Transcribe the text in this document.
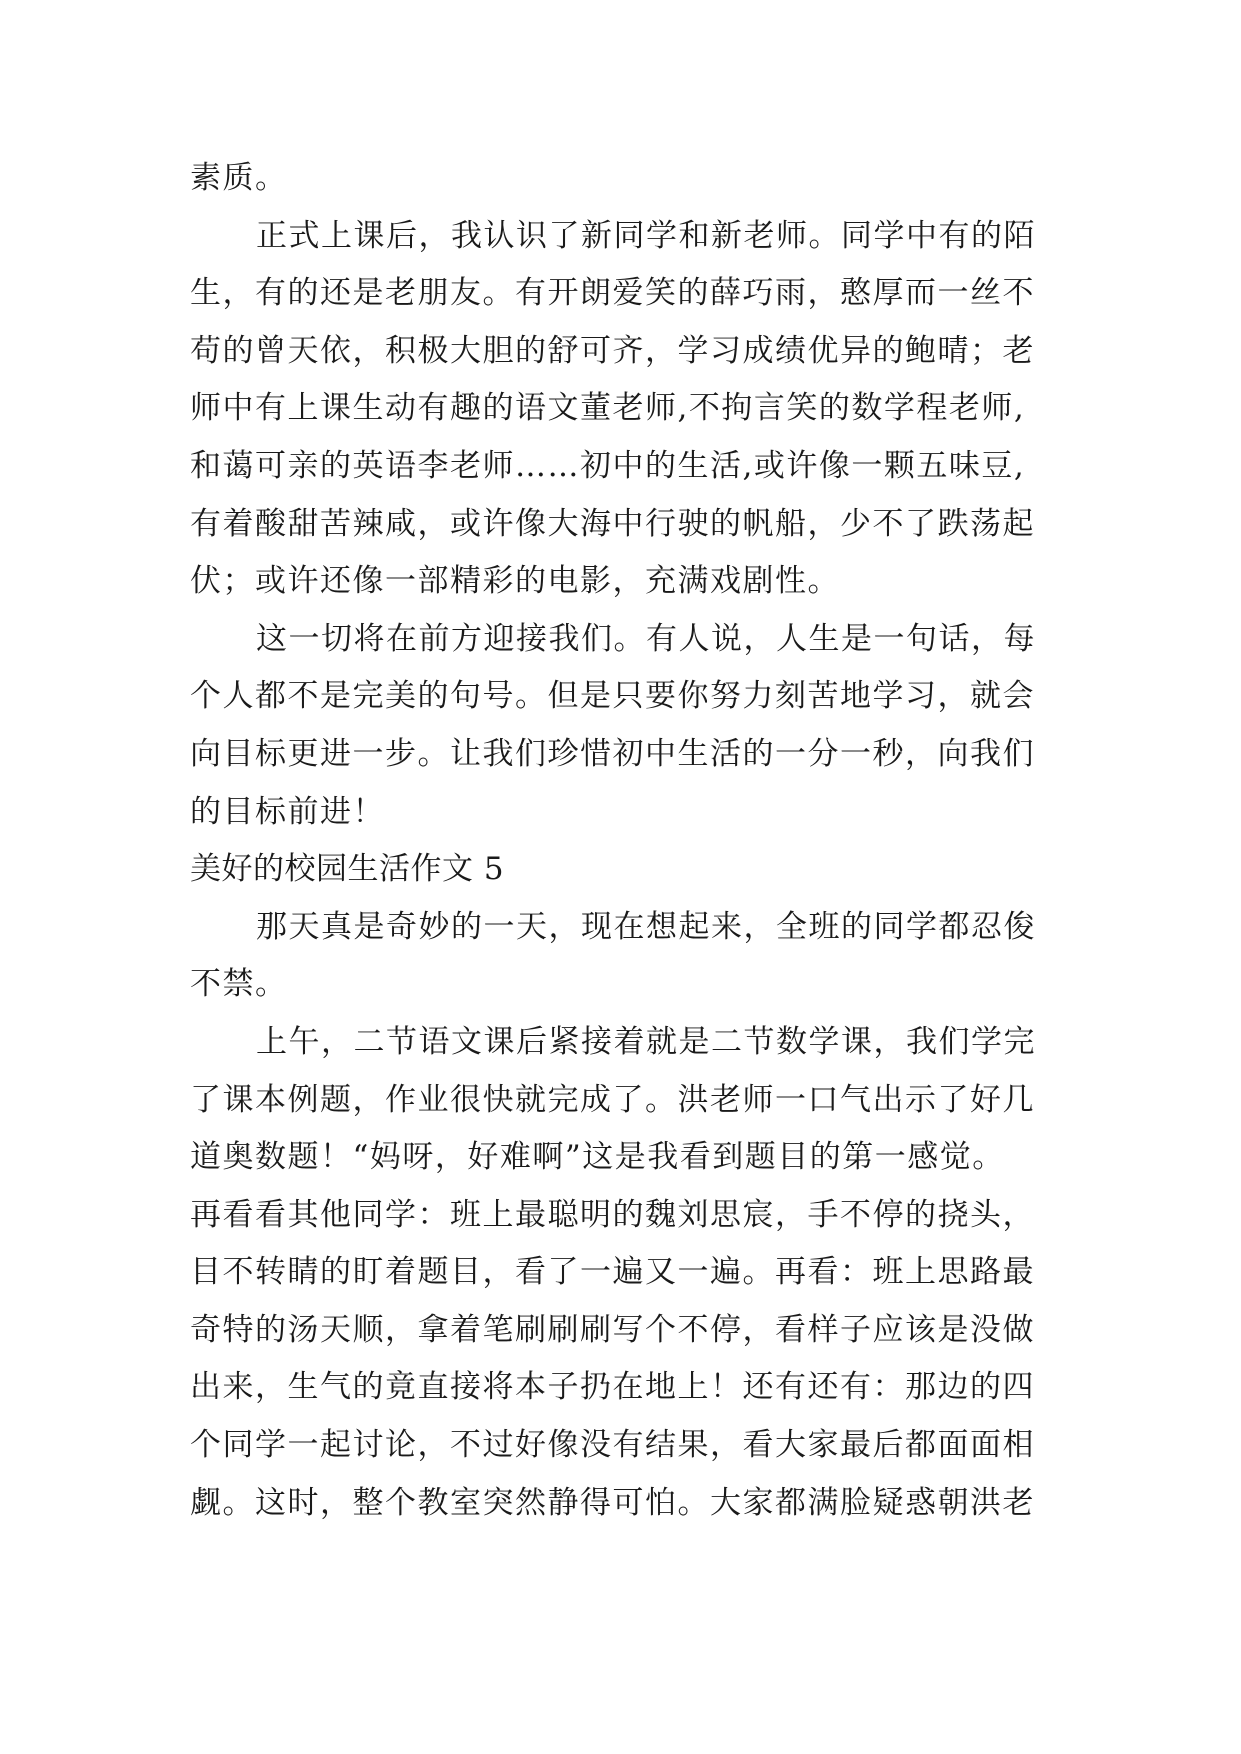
素质。
正式上课后，我认识了新同学和新老师。同学中有的陌
生，有的还是老朋友。有开朗爱笑的薛巧雨，憨厚而一丝不
苟的曾天依，积极大胆的舒可齐，学习成绩优异的鲍晴；老
师中有上课生动有趣的语文董老师,不拘言笑的数学程老师,
和蔼可亲的英语李老师……初中的生活,或许像一颗五味豆,
有着酸甜苦辣咸，或许像大海中行驶的帆船，少不了跌荡起
伏；或许还像一部精彩的电影，充满戏剧性。
这一切将在前方迎接我们。有人说，人生是一句话，每
个人都不是完美的句号。但是只要你努力刻苦地学习，就会
向目标更进一步。让我们珍惜初中生活的一分一秒，向我们
的目标前进！
美好的校园生活作文 5
那天真是奇妙的一天，现在想起来，全班的同学都忍俊
不禁。
上午，二节语文课后紧接着就是二节数学课，我们学完
了课本例题，作业很快就完成了。洪老师一口气出示了好几
道奥数题！“妈呀，好难啊”这是我看到题目的第一感觉。
再看看其他同学：班上最聪明的魏刘思宸，手不停的挠头，
目不转睛的盯着题目，看了一遍又一遍。再看：班上思路最
奇特的汤天顺，拿着笔刷刷刷写个不停，看样子应该是没做
出来，生气的竟直接将本子扔在地上！还有还有：那边的四
个同学一起讨论，不过好像没有结果，看大家最后都面面相
觑。这时，整个教室突然静得可怕。大家都满脸疑惑朝洪老
